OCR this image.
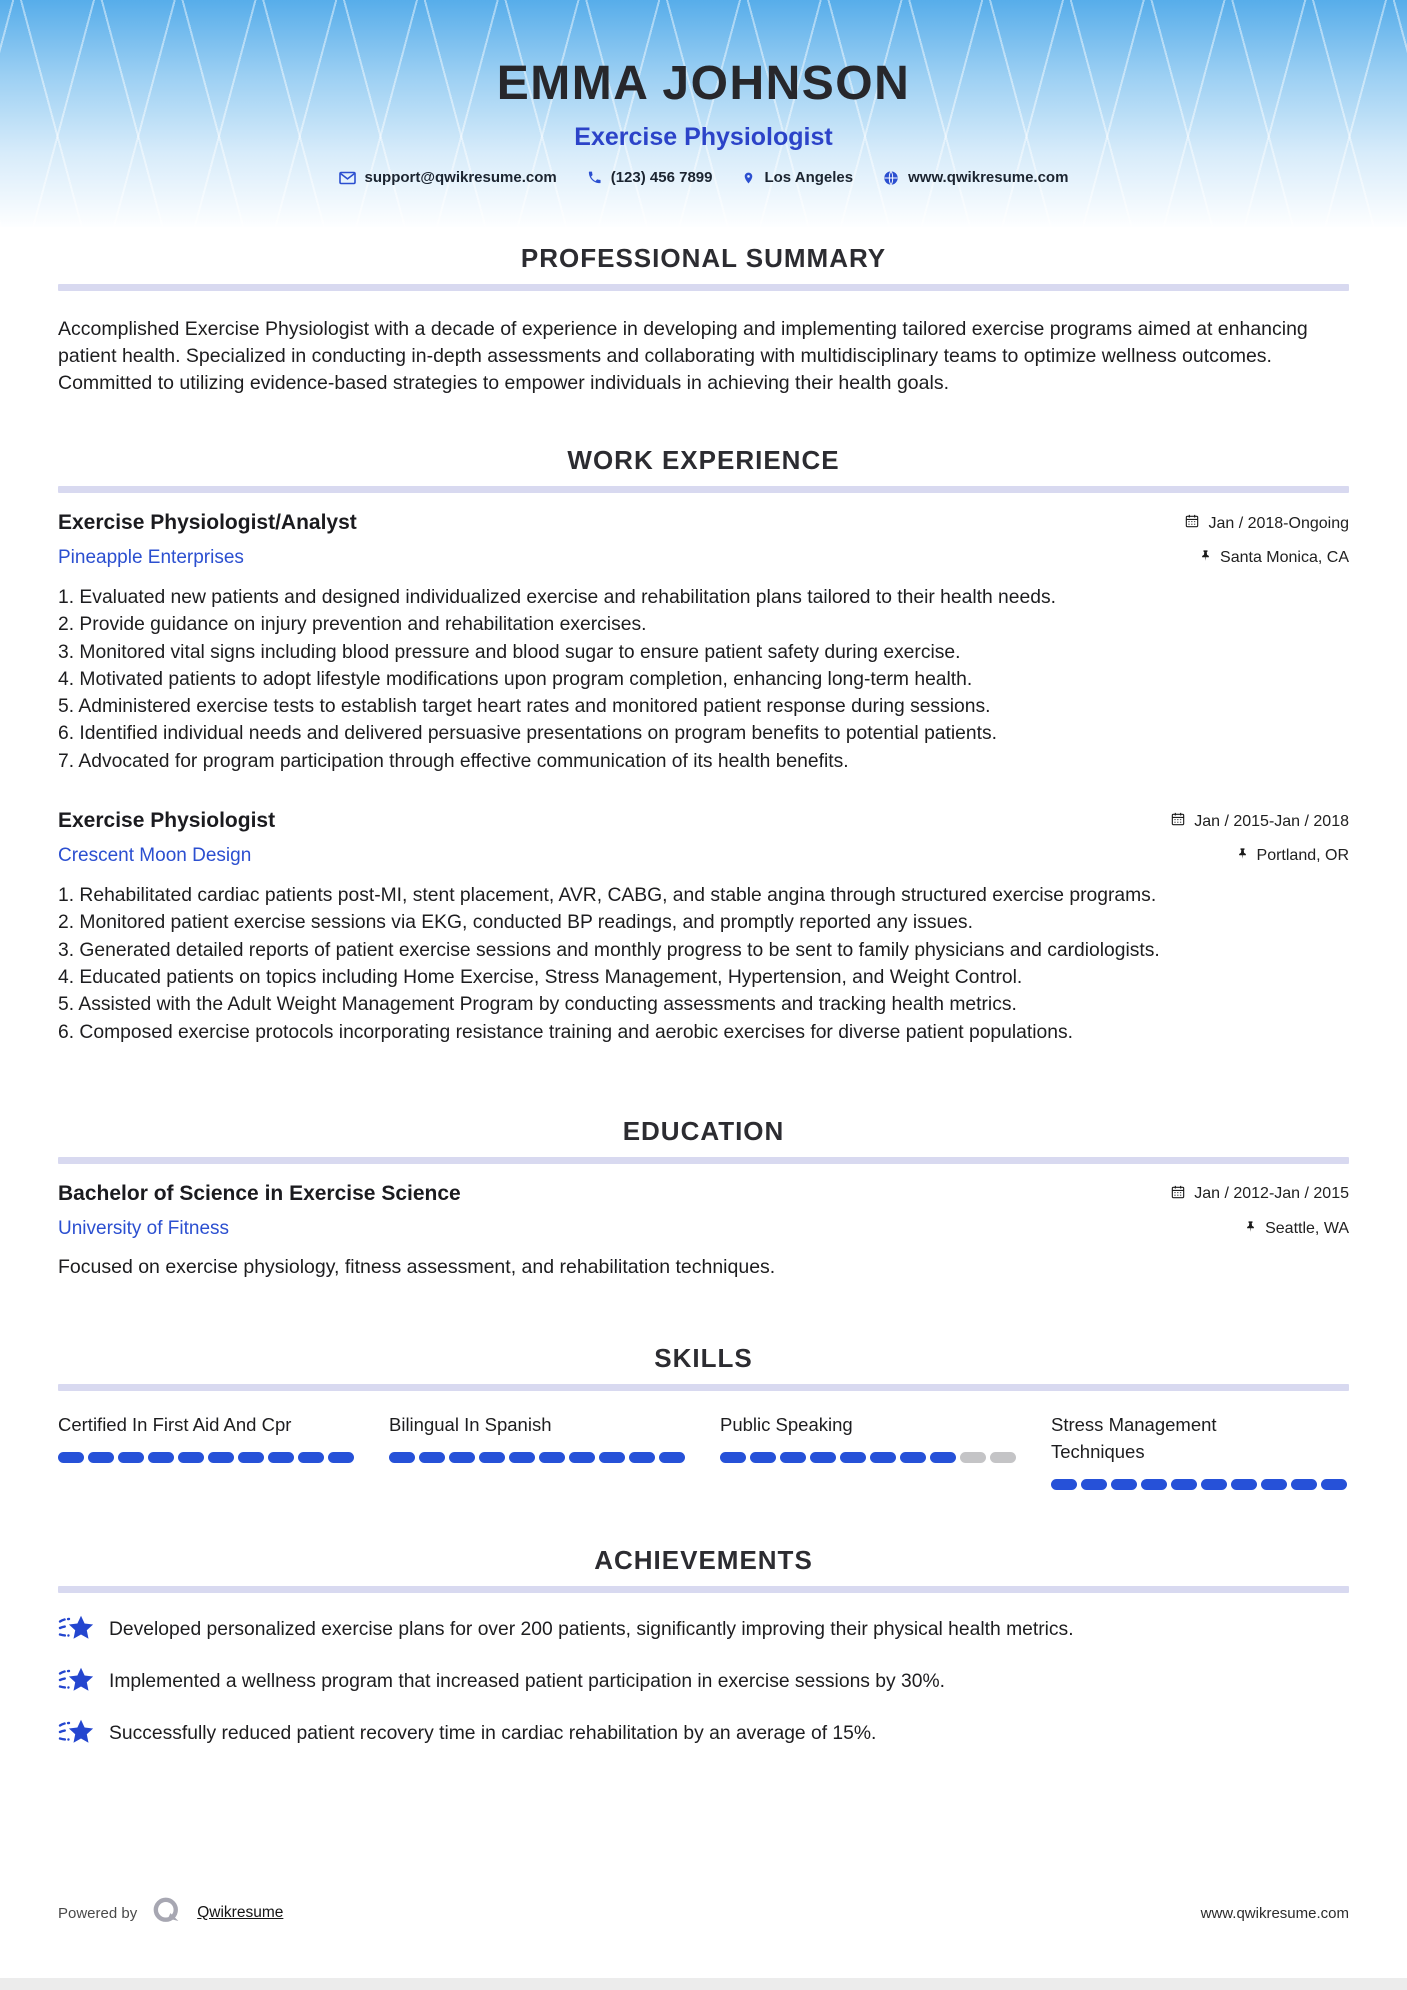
EMMA JOHNSON
Exercise Physiologist
support@qwikresume.com	(123) 456 7899	Los Angeles	www.qwikresume.com
PROFESSIONAL SUMMARY

Accomplished Exercise Physiologist with a decade of experience in developing and implementing tailored exercise programs aimed at enhancing patient health. Specialized in conducting in-depth assessments and collaborating with multidisciplinary teams to optimize wellness outcomes. Committed to utilizing evidence-based strategies to empower individuals in achieving their health goals.

WORK EXPERIENCE
Exercise Physiologist/Analyst	Jan / 2018-Ongoing
Pineapple Enterprises	Santa Monica, CA
1. Evaluated new patients and designed individualized exercise and rehabilitation plans tailored to their health needs.
2. Provide guidance on injury prevention and rehabilitation exercises.
3. Monitored vital signs including blood pressure and blood sugar to ensure patient safety during exercise.
4. Motivated patients to adopt lifestyle modifications upon program completion, enhancing long-term health.
5. Administered exercise tests to establish target heart rates and monitored patient response during sessions.
6. Identified individual needs and delivered persuasive presentations on program benefits to potential patients.
7. Advocated for program participation through effective communication of its health benefits.
Exercise Physiologist	Jan / 2015-Jan / 2018
Crescent Moon Design	Portland, OR
1. Rehabilitated cardiac patients post-MI, stent placement, AVR, CABG, and stable angina through structured exercise programs.
2. Monitored patient exercise sessions via EKG, conducted BP readings, and promptly reported any issues.
3. Generated detailed reports of patient exercise sessions and monthly progress to be sent to family physicians and cardiologists.
4. Educated patients on topics including Home Exercise, Stress Management, Hypertension, and Weight Control.
5. Assisted with the Adult Weight Management Program by conducting assessments and tracking health metrics.
6. Composed exercise protocols incorporating resistance training and aerobic exercises for diverse patient populations.
EDUCATION
Bachelor of Science in Exercise Science	Jan / 2012-Jan / 2015
University of Fitness	Seattle, WA
Focused on exercise physiology, fitness assessment, and rehabilitation techniques.
SKILLS
Certified In First Aid And Cpr	Bilingual In Spanish	Public Speaking	Stress Management Techniques
ACHIEVEMENTS
Developed personalized exercise plans for over 200 patients, significantly improving their physical health metrics.
Implemented a wellness program that increased patient participation in exercise sessions by 30%.
Successfully reduced patient recovery time in cardiac rehabilitation by an average of 15%.
Powered by	Qwikresume	www.qwikresume.com
